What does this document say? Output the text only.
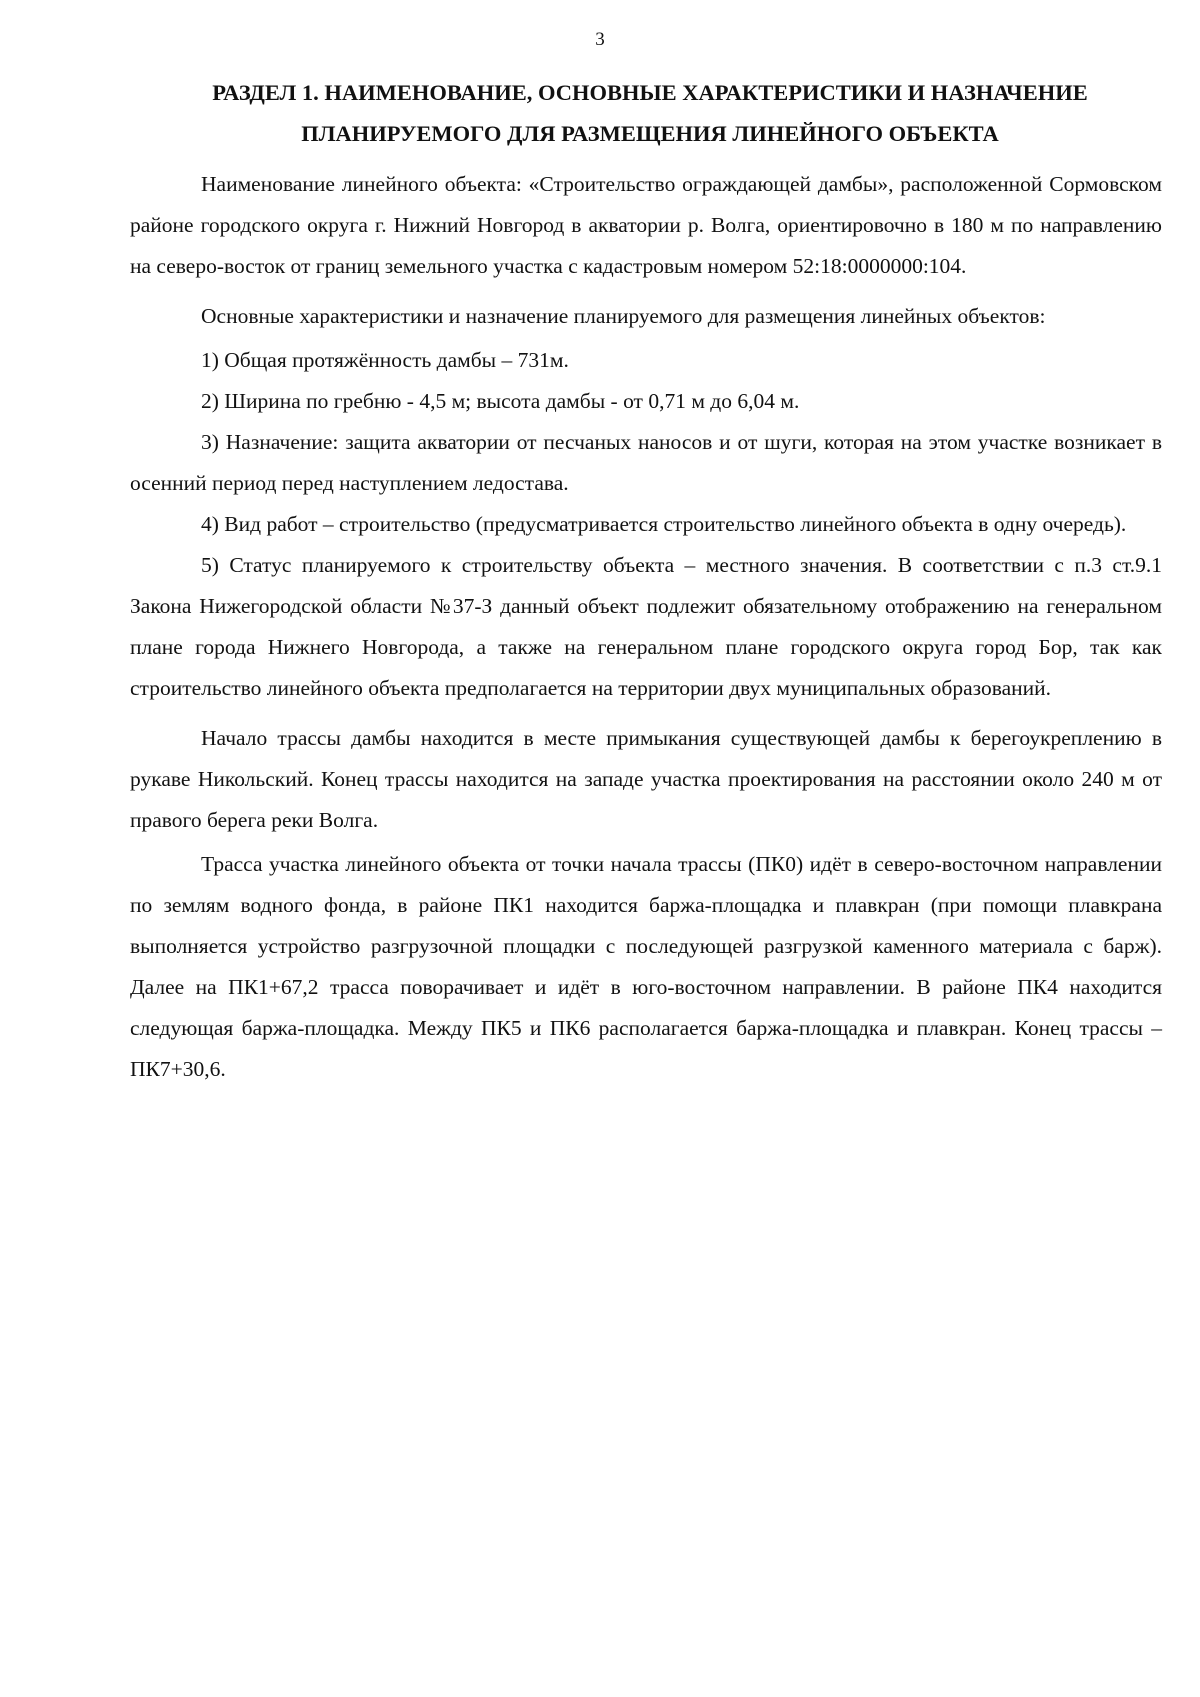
3
РАЗДЕЛ 1. НАИМЕНОВАНИЕ, ОСНОВНЫЕ ХАРАКТЕРИСТИКИ И НАЗНАЧЕНИЕ
ПЛАНИРУЕМОГО ДЛЯ РАЗМЕЩЕНИЯ ЛИНЕЙНОГО ОБЪЕКТА

Наименование линейного объекта: «Строительство ограждающей дамбы», расположенной Сормовском районе городского округа г. Нижний Новгород в акватории р. Волга, ориентировочно в 180 м по направлению на северо-восток от границ земельного участка с кадастровым номером 52:18:0000000:104.

Основные характеристики и назначение планируемого для размещения линейных объектов:

1) Общая протяжённость дамбы – 731м.

2) Ширина по гребню - 4,5 м; высота дамбы - от 0,71 м до 6,04 м.

3) Назначение: защита акватории от песчаных наносов и от шуги, которая на этом участке возникает в осенний период перед наступлением ледостава.

4) Вид работ – строительство (предусматривается строительство линейного объекта в одну очередь).

5) Статус планируемого к строительству объекта – местного значения. В соответствии с п.3 ст.9.1 Закона Нижегородской области №37-З данный объект подлежит обязательному отображению на генеральном плане города Нижнего Новгорода, а также на генеральном плане городского округа город Бор, так как строительство линейного объекта предполагается на территории двух муниципальных образований.

Начало трассы дамбы находится в месте примыкания существующей дамбы к берегоукреплению в рукаве Никольский. Конец трассы находится на западе участка проектирования на расстоянии около 240 м от правого берега реки Волга.

Трасса участка линейного объекта от точки начала трассы (ПК0) идёт в северо-восточном направлении по землям водного фонда, в районе ПК1 находится баржа-площадка и плавкран (при помощи плавкрана выполняется устройство разгрузочной площадки с последующей разгрузкой каменного материала с барж). Далее на ПК1+67,2 трасса поворачивает и идёт в юго-восточном направлении. В районе ПК4 находится следующая баржа-площадка. Между ПК5 и ПК6 располагается баржа-площадка и плавкран. Конец трассы – ПК7+30,6.
